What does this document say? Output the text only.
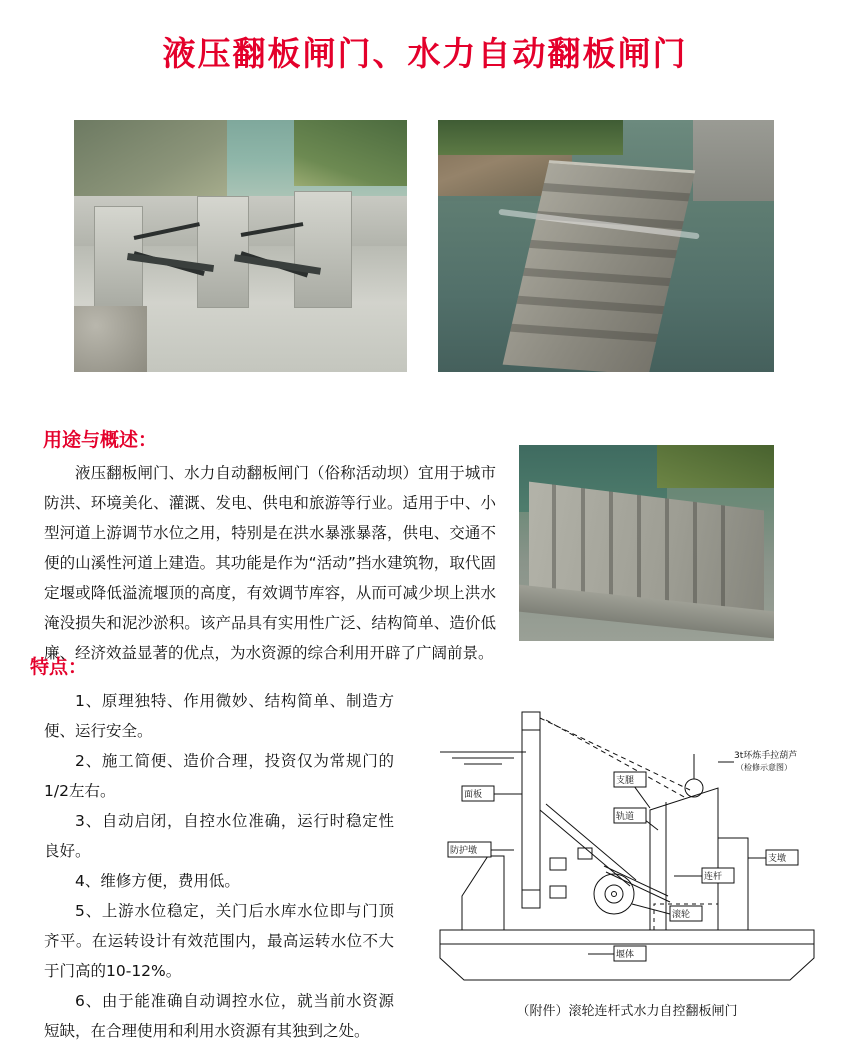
液压翻板闸门、水力自动翻板闸门
用途与概述：
液压翻板闸门、水力自动翻板闸门（俗称活动坝）宜用于城市防洪、环境美化、灌溉、发电、供电和旅游等行业。适用于中、小型河道上游调节水位之用，特别是在洪水暴涨暴落，供电、交通不便的山溪性河道上建造。其功能是作为“活动”挡水建筑物，取代固定堰或降低溢流堰顶的高度，有效调节库容，从而可减少坝上洪水淹没损失和泥沙淤积。该产品具有实用性广泛、结构简单、造价低廉、经济效益显著的优点，为水资源的综合利用开辟了广阔前景。
特点：

1、原理独特、作用微妙、结构简单、制造方便、运行安全。

2、施工简便、造价合理，投资仅为常规门的1/2左右。

3、自动启闭，自控水位准确，运行时稳定性良好。

4、维修方便，费用低。

5、上游水位稳定，关门后水库水位即与门顶齐平。在运转设计有效范围内，最高运转水位不大于门高的10-12%。

6、由于能准确自动调控水位，就当前水资源短缺，在合理使用和利用水资源有其独到之处。

面板
防护墩
支腿
轨道
3t环炼手拉葫芦
（检修示意图）
连杆
支墩
滚轮
堰体
（附件）滚轮连杆式水力自控翻板闸门
